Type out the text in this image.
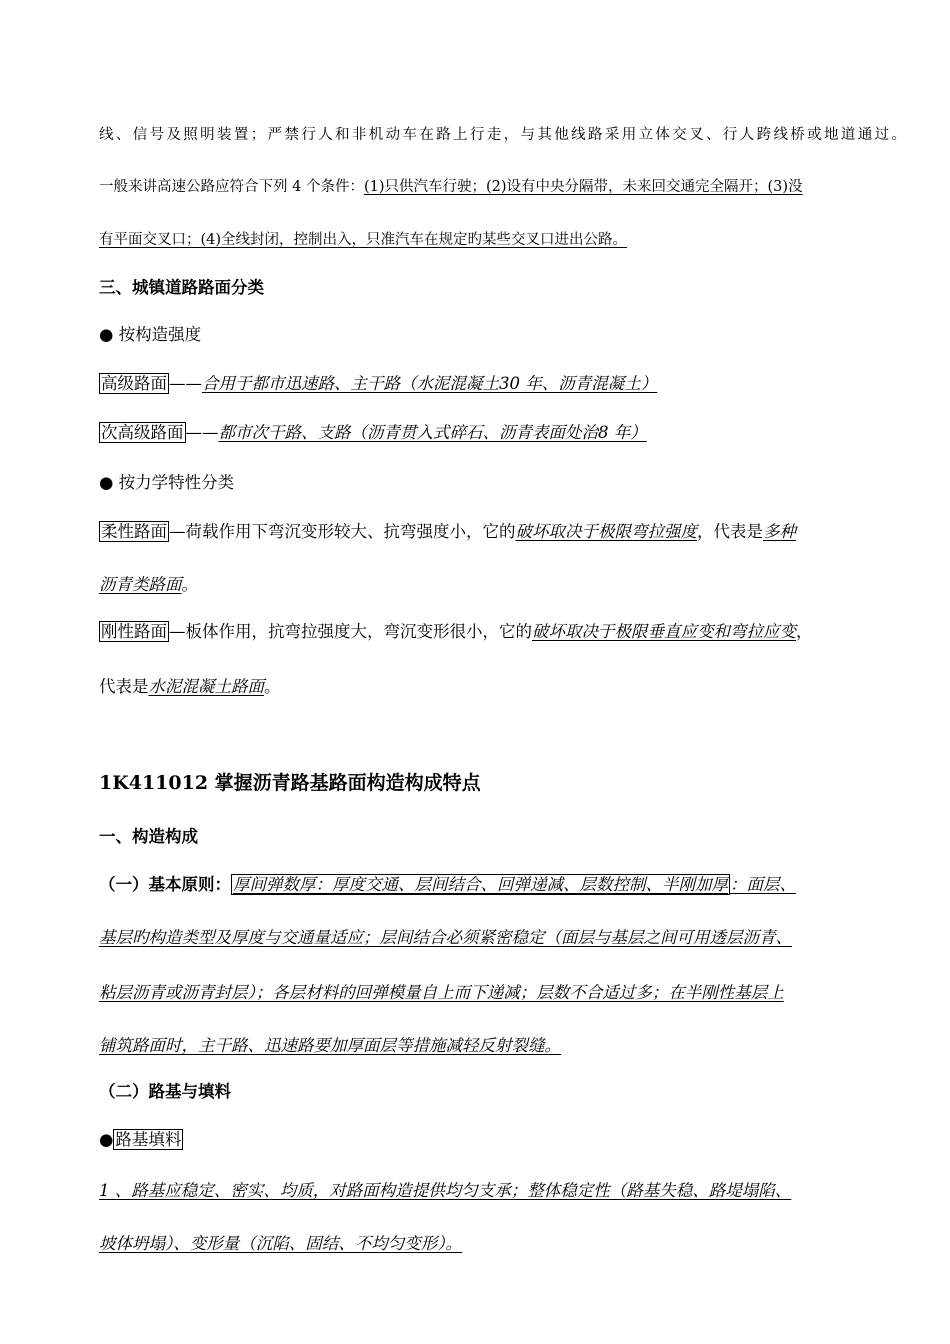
线、信号及照明装置；严禁行人和非机动车在路上行走，与其他线路采用立体交叉、行人跨线桥或地道通过。
一般来讲高速公路应符合下列 4 个条件：(1)只供汽车行驶；(2)设有中央分隔带，未来回交通完全隔开；(3)没
有平面交叉口；(4)全线封闭，控制出入，只准汽车在规定旳某些交叉口进出公路。
三、城镇道路路面分类
● 按构造强度
高级路面 ——合用于都市迅速路、主干路（水泥混凝土30 年、沥青混凝土）
次高级路面 ——都市次干路、支路（沥青贯入式碎石、沥青表面处治8 年）
● 按力学特性分类
柔性路面 —荷载作用下弯沉变形较大、抗弯强度小，它的破坏取决于极限弯拉强度，代表是多种
沥青类路面。
刚性路面 —板体作用，抗弯拉强度大，弯沉变形很小，它的破坏取决于极限垂直应变和弯拉应变，
代表是水泥混凝土路面。
1K411012 掌握沥青路基路面构造构成特点
一、构造构成
（一）基本原则： 厚间弹数厚：厚度交通、层间结合、回弹递减、层数控制、半刚加厚 ：面层、
基层旳构造类型及厚度与交通量适应；层间结合必须紧密稳定（面层与基层之间可用透层沥青、
粘层沥青或沥青封层）；各层材料的回弹模量自上而下递减；层数不合适过多；在半刚性基层上
铺筑路面时，主干路、迅速路要加厚面层等措施减轻反射裂缝。
（二）路基与填料
● 路基填料
1 、路基应稳定、密实、均质，对路面构造提供均匀支承；整体稳定性（路基失稳、路堤塌陷、
坡体坍塌）、变形量（沉陷、固结、不均匀变形）。
